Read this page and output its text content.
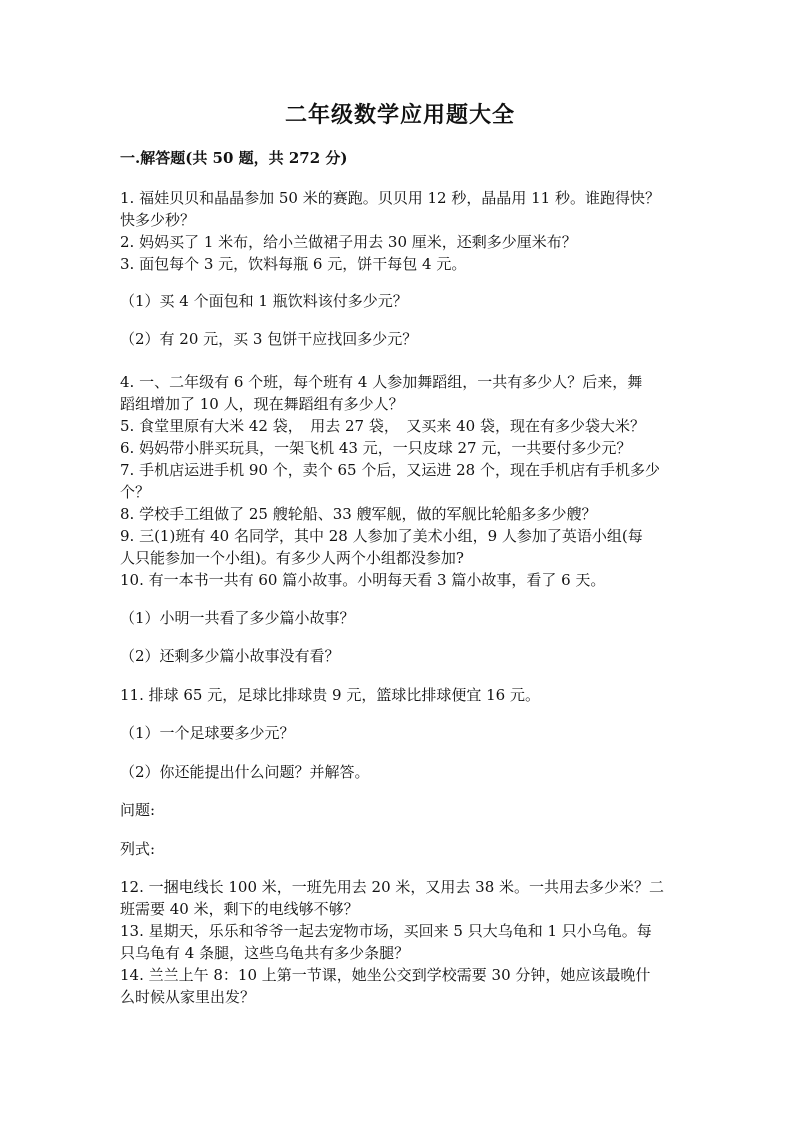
二年级数学应用题大全
一.解答题(共 50 题，共 272 分)
1. 福娃贝贝和晶晶参加 50 米的赛跑。贝贝用 12 秒，晶晶用 11 秒。谁跑得快？
快多少秒？
2. 妈妈买了 1 米布，给小兰做裙子用去 30 厘米，还剩多少厘米布？
3. 面包每个 3 元，饮料每瓶 6 元，饼干每包 4 元。
（1）买 4 个面包和 1 瓶饮料该付多少元？
（2）有 20 元，买 3 包饼干应找回多少元？
4. 一、二年级有 6 个班，每个班有 4 人参加舞蹈组，一共有多少人？后来，舞
蹈组增加了 10 人，现在舞蹈组有多少人？
5. 食堂里原有大米 42 袋，　用去 27 袋，　又买来 40 袋，现在有多少袋大米？
6. 妈妈带小胖买玩具，一架飞机 43 元，一只皮球 27 元，一共要付多少元？
7. 手机店运进手机 90 个，卖个 65 个后，又运进 28 个，现在手机店有手机多少
个？
8. 学校手工组做了 25 艘轮船、33 艘军舰，做的军舰比轮船多多少艘？
9. 三(1)班有 40 名同学，其中 28 人参加了美术小组，9 人参加了英语小组(每
人只能参加一个小组)。有多少人两个小组都没参加?
10. 有一本书一共有 60 篇小故事。小明每天看 3 篇小故事，看了 6 天。
（1）小明一共看了多少篇小故事？
（2）还剩多少篇小故事没有看？
11. 排球 65 元，足球比排球贵 9 元，篮球比排球便宜 16 元。
（1）一个足球要多少元？
（2）你还能提出什么问题？并解答。
问题:
列式:
12. 一捆电线长 100 米，一班先用去 20 米，又用去 38 米。一共用去多少米？二
班需要 40 米，剩下的电线够不够？
13. 星期天，乐乐和爷爷一起去宠物市场，买回来 5 只大乌龟和 1 只小乌龟。每
只乌龟有 4 条腿，这些乌龟共有多少条腿？
14. 兰兰上午 8：10 上第一节课，她坐公交到学校需要 30 分钟，她应该最晚什
么时候从家里出发？
